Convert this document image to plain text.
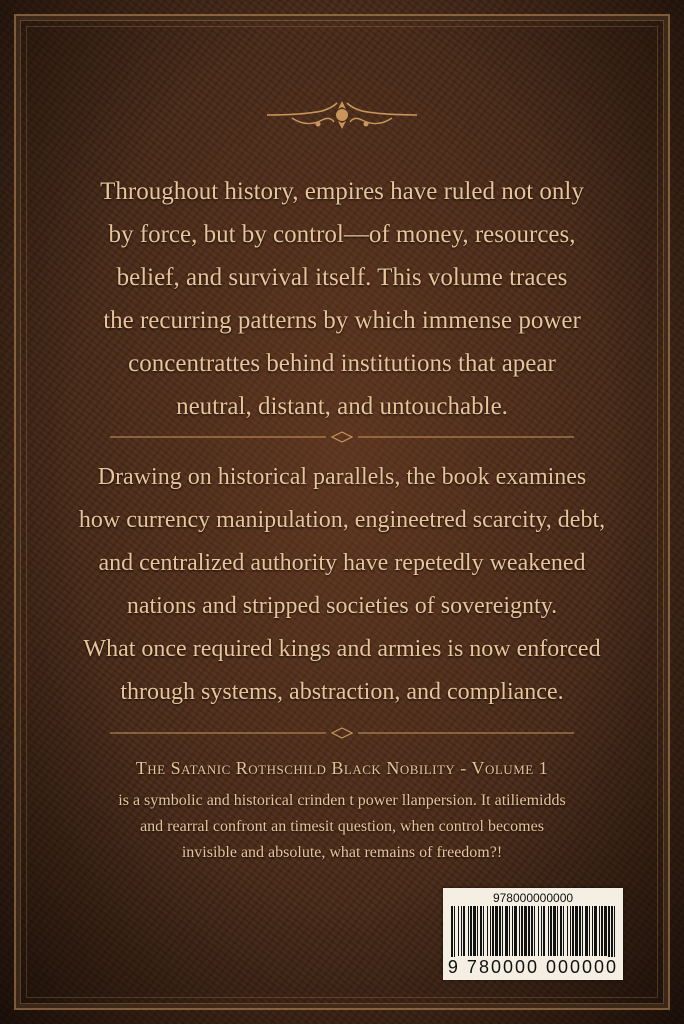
Throughout history, empires have ruled not only
by force, but by control—of money, resources,
belief, and survival itself. This volume traces
the recurring patterns by which immense power
concentrattes behind institutions that apear
neutral, distant, and untouchable.
Drawing on historical parallels, the book examines
how currency manipulation, engineetred scarcity, debt,
and centralized authority have repetedly weakened
nations and stripped societies of sovereignty.
What once required kings and armies is now enforced
through systems, abstraction, and compliance.
The Satanic Rothschild Black Nobility - Volume 1
is a symbolic and historical crinden t power llanpersion. It atiliemidds
and rearral confront an timesit question, when control becomes
invisible and absolute, what remains of freedom?!
978000000000
9 780000 000000
